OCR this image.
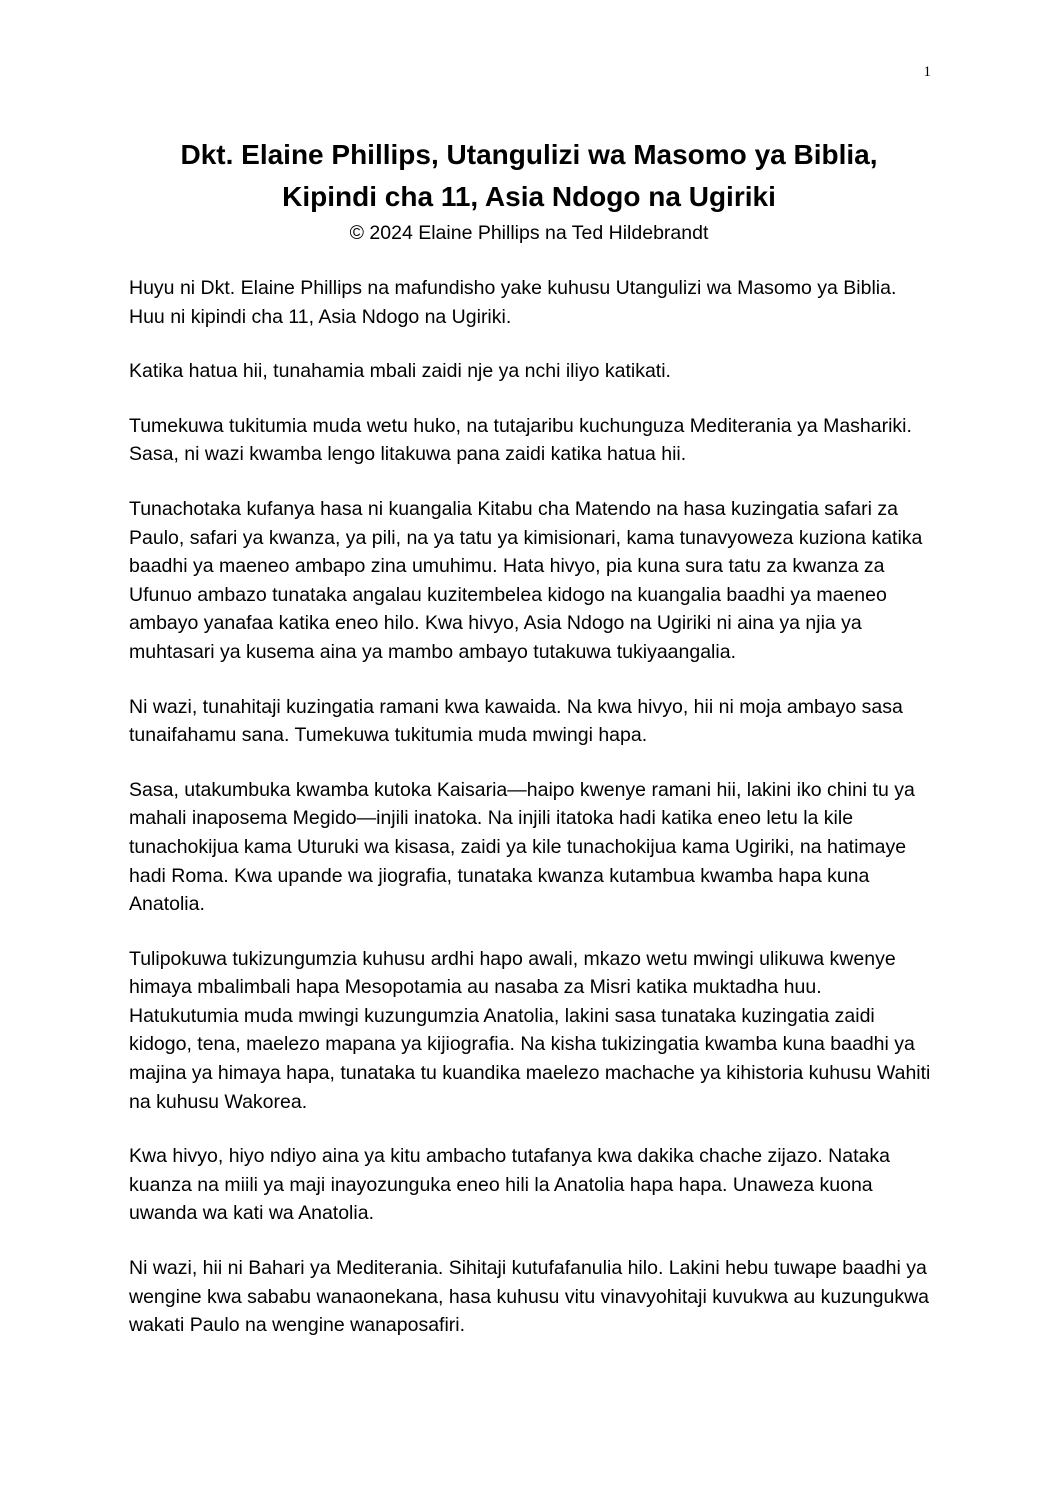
1
Dkt. Elaine Phillips, Utangulizi wa Masomo ya Biblia,
Kipindi cha 11, Asia Ndogo na Ugiriki

© 2024 Elaine Phillips na Ted Hildebrandt

Huyu ni Dkt. Elaine Phillips na mafundisho yake kuhusu Utangulizi wa Masomo ya Biblia. Huu ni kipindi cha 11, Asia Ndogo na Ugiriki.

Katika hatua hii, tunahamia mbali zaidi nje ya nchi iliyo katikati.

Tumekuwa tukitumia muda wetu huko, na tutajaribu kuchunguza Mediterania ya Mashariki. Sasa, ni wazi kwamba lengo litakuwa pana zaidi katika hatua hii.

Tunachotaka kufanya hasa ni kuangalia Kitabu cha Matendo na hasa kuzingatia safari za Paulo, safari ya kwanza, ya pili, na ya tatu ya kimisionari, kama tunavyoweza kuziona katika baadhi ya maeneo ambapo zina umuhimu. Hata hivyo, pia kuna sura tatu za kwanza za Ufunuo ambazo tunataka angalau kuzitembelea kidogo na kuangalia baadhi ya maeneo ambayo yanafaa katika eneo hilo. Kwa hivyo, Asia Ndogo na Ugiriki ni aina ya njia ya muhtasari ya kusema aina ya mambo ambayo tutakuwa tukiyaangalia.

Ni wazi, tunahitaji kuzingatia ramani kwa kawaida. Na kwa hivyo, hii ni moja ambayo sasa tunaifahamu sana. Tumekuwa tukitumia muda mwingi hapa.

Sasa, utakumbuka kwamba kutoka Kaisaria—haipo kwenye ramani hii, lakini iko chini tu ya mahali inaposema Megido—injili inatoka. Na injili itatoka hadi katika eneo letu la kile tunachokijua kama Uturuki wa kisasa, zaidi ya kile tunachokijua kama Ugiriki, na hatimaye hadi Roma. Kwa upande wa jiografia, tunataka kwanza kutambua kwamba hapa kuna Anatolia.

Tulipokuwa tukizungumzia kuhusu ardhi hapo awali, mkazo wetu mwingi ulikuwa kwenye himaya mbalimbali hapa Mesopotamia au nasaba za Misri katika muktadha huu. Hatukutumia muda mwingi kuzungumzia Anatolia, lakini sasa tunataka kuzingatia zaidi kidogo, tena, maelezo mapana ya kijiografia. Na kisha tukizingatia kwamba kuna baadhi ya majina ya himaya hapa, tunataka tu kuandika maelezo machache ya kihistoria kuhusu Wahiti na kuhusu Wakorea.

Kwa hivyo, hiyo ndiyo aina ya kitu ambacho tutafanya kwa dakika chache zijazo. Nataka kuanza na miili ya maji inayozunguka eneo hili la Anatolia hapa hapa. Unaweza kuona uwanda wa kati wa Anatolia.

Ni wazi, hii ni Bahari ya Mediterania. Sihitaji kutufafanulia hilo. Lakini hebu tuwape baadhi ya wengine kwa sababu wanaonekana, hasa kuhusu vitu vinavyohitaji kuvukwa au kuzungukwa wakati Paulo na wengine wanaposafiri.
